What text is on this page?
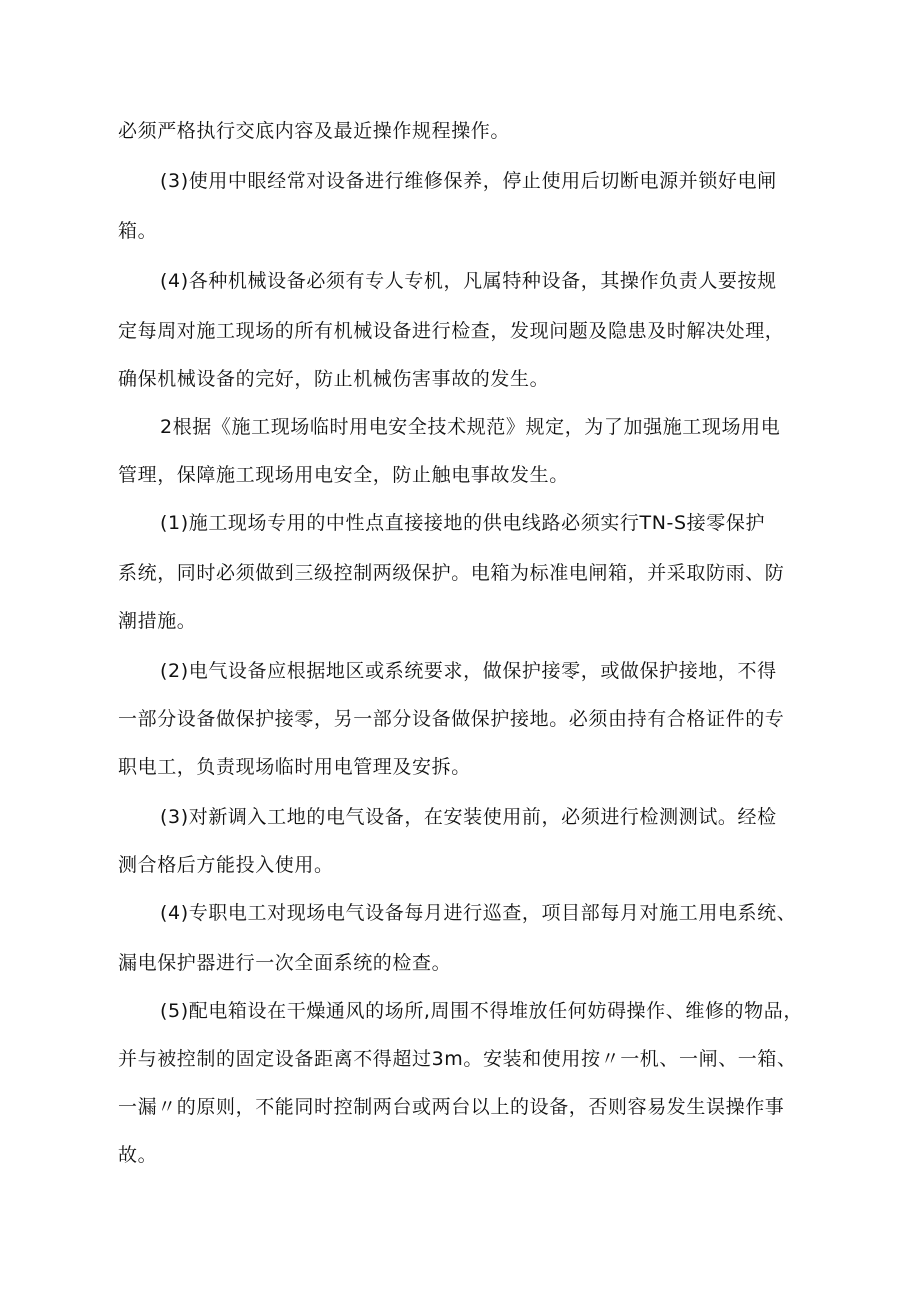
必须严格执行交底内容及最近操作规程操作。
(3)使用中眼经常对设备进行维修保养，停止使用后切断电源并锁好电闸
箱。
(4)各种机械设备必须有专人专机，凡属特种设备，其操作负责人要按规
定每周对施工现场的所有机械设备进行检查，发现问题及隐患及时解决处理，
确保机械设备的完好，防止机械伤害事故的发生。
2根据《施工现场临时用电安全技术规范》规定，为了加强施工现场用电
管理，保障施工现场用电安全，防止触电事故发生。
(1)施工现场专用的中性点直接接地的供电线路必须实行TN-S接零保护
系统，同时必须做到三级控制两级保护。电箱为标准电闸箱，并采取防雨、防
潮措施。
(2)电气设备应根据地区或系统要求，做保护接零，或做保护接地，不得
一部分设备做保护接零，另一部分设备做保护接地。必须由持有合格证件的专
职电工，负责现场临时用电管理及安拆。
(3)对新调入工地的电气设备，在安装使用前，必须进行检测测试。经检
测合格后方能投入使用。
(4)专职电工对现场电气设备每月进行巡查，项目部每月对施工用电系统、
漏电保护器进行一次全面系统的检查。
(5)配电箱设在干燥通风的场所,周围不得堆放任何妨碍操作、维修的物品，
并与被控制的固定设备距离不得超过3m。安装和使用按〃一机、一闸、一箱、
一漏〃的原则，不能同时控制两台或两台以上的设备，否则容易发生误操作事
故。
